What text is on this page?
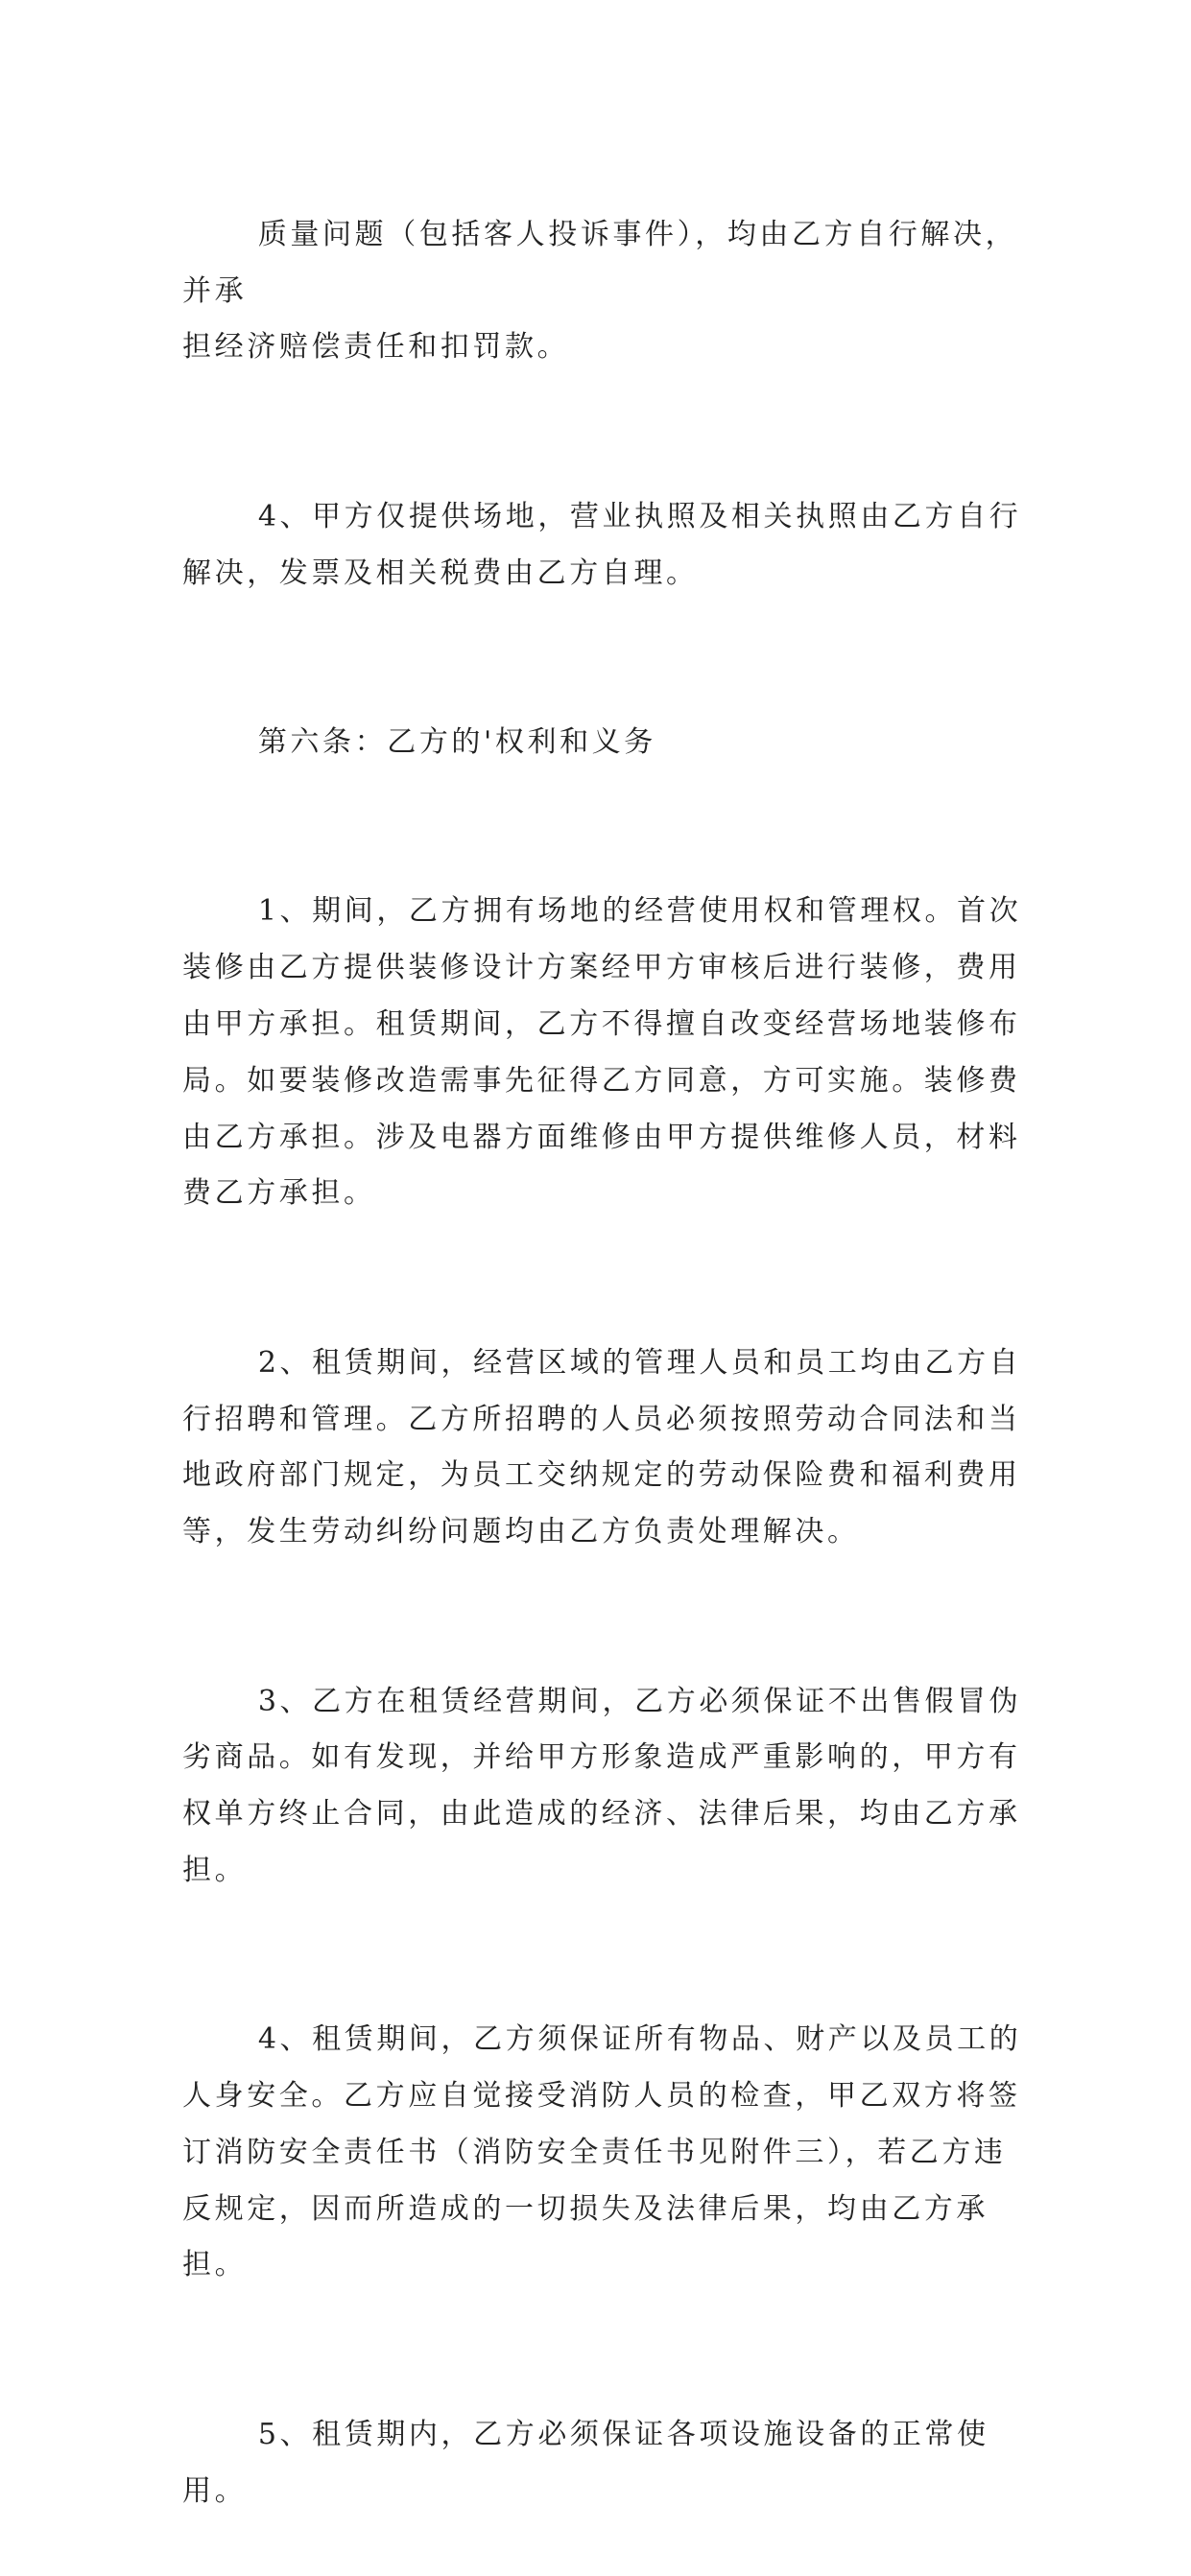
质量问题（包括客人投诉事件），均由乙方自行解决，并承
担经济赔偿责任和扣罚款。

4、甲方仅提供场地，营业执照及相关执照由乙方自行
解决，发票及相关税费由乙方自理。

第六条：乙方的'权利和义务

1、期间，乙方拥有场地的经营使用权和管理权。首次
装修由乙方提供装修设计方案经甲方审核后进行装修，费用
由甲方承担。租赁期间，乙方不得擅自改变经营场地装修布
局。如要装修改造需事先征得乙方同意，方可实施。装修费
由乙方承担。涉及电器方面维修由甲方提供维修人员，材料
费乙方承担。

2、租赁期间，经营区域的管理人员和员工均由乙方自
行招聘和管理。乙方所招聘的人员必须按照劳动合同法和当
地政府部门规定，为员工交纳规定的劳动保险费和福利费用
等，发生劳动纠纷问题均由乙方负责处理解决。

3、乙方在租赁经营期间，乙方必须保证不出售假冒伪
劣商品。如有发现，并给甲方形象造成严重影响的，甲方有
权单方终止合同，由此造成的经济、法律后果，均由乙方承
担。

4、租赁期间，乙方须保证所有物品、财产以及员工的
人身安全。乙方应自觉接受消防人员的检查，甲乙双方将签
订消防安全责任书（消防安全责任书见附件三），若乙方违
反规定，因而所造成的一切损失及法律后果，均由乙方承担。

5、租赁期内，乙方必须保证各项设施设备的正常使用。
